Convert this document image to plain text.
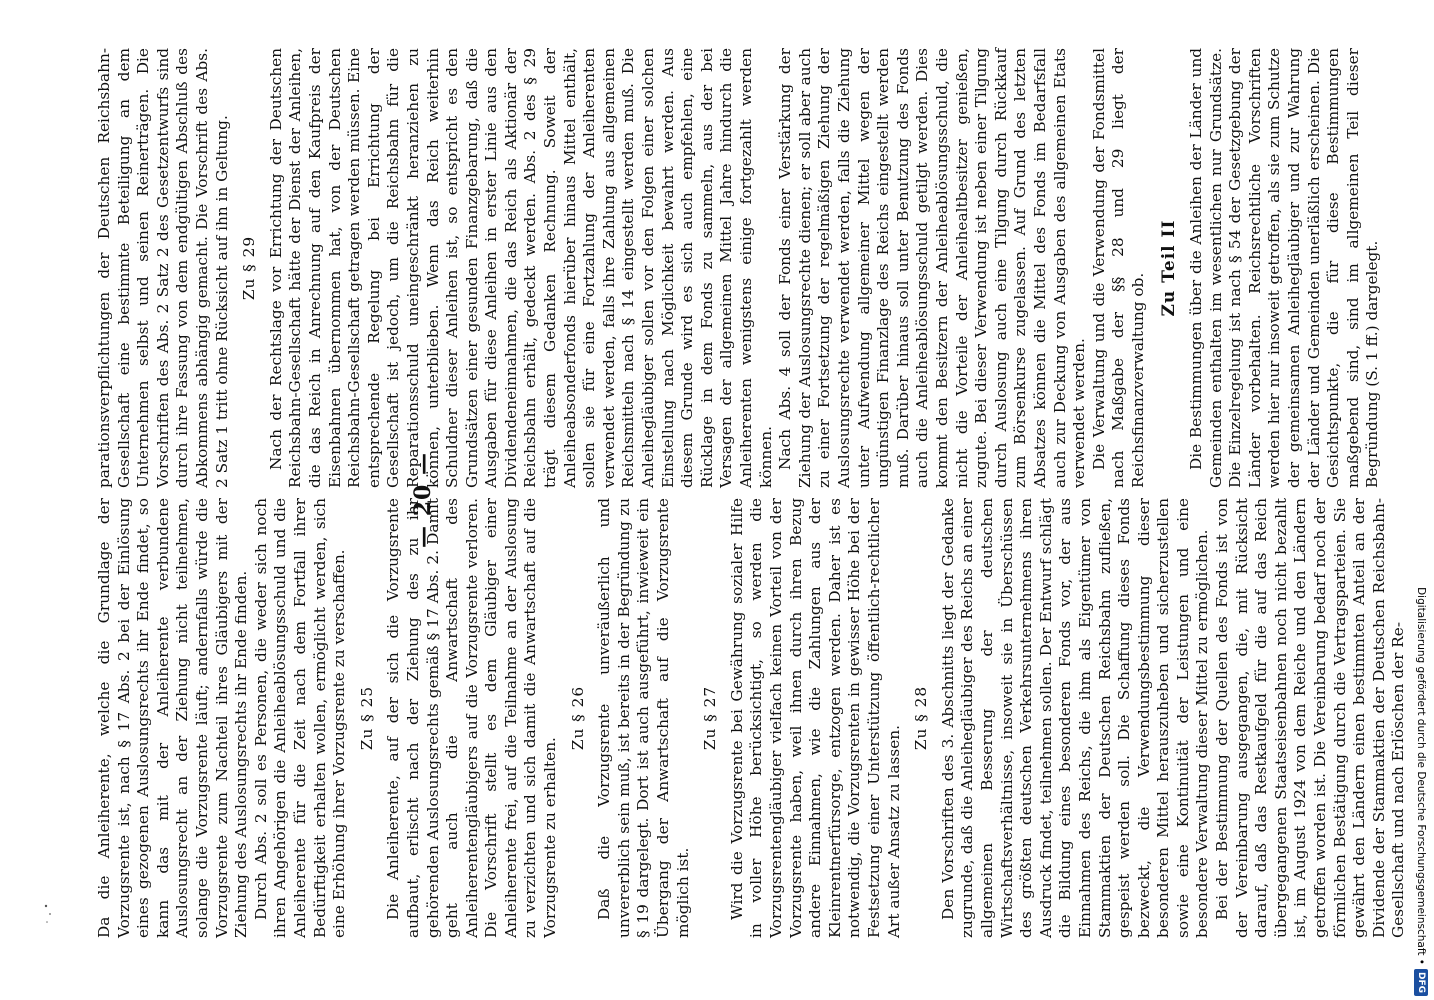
— 20 —

Da die Anleiherente, welche die Grundlage der Vorzugsrente ist, nach § 17 Abs. 2 bei der Einlösung eines gezogenen Auslosungsrechts ihr Ende findet, so kann das mit der Anleiherente verbundene Auslosungsrecht an der Ziehung nicht teilnehmen, solange die Vorzugsrente läuft; andernfalls würde die Vorzugsrente zum Nachteil ihres Gläubigers mit der Ziehung des Auslosungsrechts ihr Ende finden. Durch Abs. 2 soll es Personen, die weder sich noch ihren Angehörigen die Anleiheablösungsschuld und die Anleiherente für die Zeit nach dem Fortfall ihrer Bedürftigkeit erhalten wollen, ermöglicht werden, sich eine Erhöhung ihrer Vorzugsrente zu verschaffen. Zu § 25 Die Anleiherente, auf der sich die Vorzugsrente aufbaut, erlischt nach der Ziehung des zu ihr gehörenden Auslosungsrechts gemäß § 17 Abs. 2. Damit geht auch die Anwartschaft des Anleiherentengläubigers auf die Vorzugsrente verloren. Die Vorschrift stellt es dem Gläubiger einer Anleiherente frei, auf die Teilnahme an der Auslosung zu verzichten und sich damit die Anwartschaft auf die Vorzugsrente zu erhalten.

Zu § 26 Daß die Vorzugsrente unveräußerlich und unvererblich sein muß, ist bereits in der Begründung zu § 19 dargelegt. Dort ist auch ausgeführt, inwieweit ein Übergang der Anwartschaft auf die Vorzugsrente möglich ist.

Zu § 27 Wird die Vorzugsrente bei Gewährung sozialer Hilfe in voller Höhe berücksichtigt, so werden die Vorzugsrentengläubiger vielfach keinen Vorteil von der Vorzugsrente haben, weil ihnen durch ihren Bezug andere Einnahmen, wie die Zahlungen aus der Kleinrentnerfürsorge, entzogen werden. Daher ist es notwendig, die Vorzugsrenten in gewisser Höhe bei der Festsetzung einer Unterstützung öffentlich-rechtlicher Art außer Ansatz zu lassen.

Zu § 28 Den Vorschriften des 3. Abschnitts liegt der Gedanke zugrunde, daß die Anleihegläubiger des Reichs an einer allgemeinen Besserung der deutschen Wirtschaftsverhältnisse, insoweit sie in Überschüssen des größten deutschen Verkehrsunternehmens ihren Ausdruck findet, teilnehmen sollen. Der Entwurf schlägt die Bildung eines besonderen Fonds vor, der aus Einnahmen des Reichs, die ihm als Eigentümer von Stammaktien der Deutschen Reichsbahn zufließen, gespeist werden soll. Die Schaffung dieses Fonds bezweckt, die Verwendungsbestimmung dieser besonderen Mittel herauszuheben und sicherzustellen sowie eine Kontinuität der Leistungen und eine besondere Verwaltung dieser Mittel zu ermöglichen. Bei der Bestimmung der Quellen des Fonds ist von der Vereinbarung ausgegangen, die, mit Rücksicht darauf, daß das Restkaufgeld für die auf das Reich übergegangenen Staatseisenbahnen noch nicht bezahlt ist, im August 1924 von dem Reiche und den Ländern getroffen worden ist. Die Vereinbarung bedarf noch der förmlichen Bestätigung durch die Vertragsparteien. Sie gewährt den Ländern einen bestimmten Anteil an der Dividende der Stammaktien der Deutschen Reichsbahn-Gesellschaft und nach Erlöschen der Re-

parationsverpflichtungen der Deutschen Reichsbahn-Gesellschaft eine bestimmte Beteiligung an dem Unternehmen selbst und seinen Reinerträgen. Die Vorschriften des Abs. 2 Satz 2 des Gesetzentwurfs sind durch ihre Fassung von dem endgültigen Abschluß des Abkommens abhängig gemacht. Die Vorschrift des Abs. 2 Satz 1 tritt ohne Rücksicht auf ihn in Geltung. Zu § 29 Nach der Rechtslage vor Errichtung der Deutschen Reichsbahn-Gesellschaft hätte der Dienst der Anleihen, die das Reich in Anrechnung auf den Kaufpreis der Eisenbahnen übernommen hat, von der Deutschen Reichsbahn-Gesellschaft getragen werden müssen. Eine entsprechende Regelung bei Errichtung der Gesellschaft ist jedoch, um die Reichsbahn für die Reparationsschuld uneingeschränkt heranziehen zu können, unterblieben. Wenn das Reich weiterhin Schuldner dieser Anleihen ist, so entspricht es den Grundsätzen einer gesunden Finanzgebarung, daß die Ausgaben für diese Anleihen in erster Linie aus den Dividendeneinnahmen, die das Reich als Aktionär der Reichsbahn erhält, gedeckt werden. Abs. 2 des § 29 trägt diesem Gedanken Rechnung. Soweit der Anleiheabsonderfonds hierüber hinaus Mittel enthält, sollen sie für eine Fortzahlung der Anleiherenten verwendet werden, falls ihre Zahlung aus allgemeinen Reichsmitteln nach § 14 eingestellt werden muß. Die Anleihegläubiger sollen vor den Folgen einer solchen Einstellung nach Möglichkeit bewahrt werden. Aus diesem Grunde wird es sich auch empfehlen, eine Rücklage in dem Fonds zu sammeln, aus der bei Versagen der allgemeinen Mittel Jahre hindurch die Anleiherenten wenigstens einige fortgezahlt werden können. Nach Abs. 4 soll der Fonds einer Verstärkung der Ziehung der Auslosungsrechte dienen; er soll aber auch zu einer Fortsetzung der regelmäßigen Ziehung der Auslosungsrechte verwendet werden, falls die Ziehung unter Aufwendung allgemeiner Mittel wegen der ungünstigen Finanzlage des Reichs eingestellt werden muß. Darüber hinaus soll unter Benutzung des Fonds auch die Anleiheablösungsschuld getilgt werden. Dies kommt den Besitzern der Anleiheablösungsschuld, die nicht die Vorteile der Anleihealtbesitzer genießen, zugute. Bei dieser Verwendung ist neben einer Tilgung durch Auslosung auch eine Tilgung durch Rückkauf zum Börsenkurse zugelassen. Auf Grund des letzten Absatzes können die Mittel des Fonds im Bedarfsfall auch zur Deckung von Ausgaben des allgemeinen Etats verwendet werden. Die Verwaltung und die Verwendung der Fondsmittel nach Maßgabe der §§ 28 und 29 liegt der Reichsfinanzverwaltung ob.

Zu Teil II Die Bestimmungen über die Anleihen der Länder und Gemeinden enthalten im wesentlichen nur Grundsätze. Die Einzelregelung ist nach § 54 der Gesetzgebung der Länder vorbehalten. Reichsrechtliche Vorschriften werden hier nur insoweit getroffen, als sie zum Schutze der gemeinsamen Anleihegläubiger und zur Wahrung der Länder und Gemeinden unerläßlich erscheinen. Die Gesichtspunkte, die für diese Bestimmungen maßgebend sind, sind im allgemeinen Teil dieser Begründung (S. 1 ff.) dargelegt.

Digitalisierung gefördert durch die Deutsche Forschungsgemeinschaft •
DFG
